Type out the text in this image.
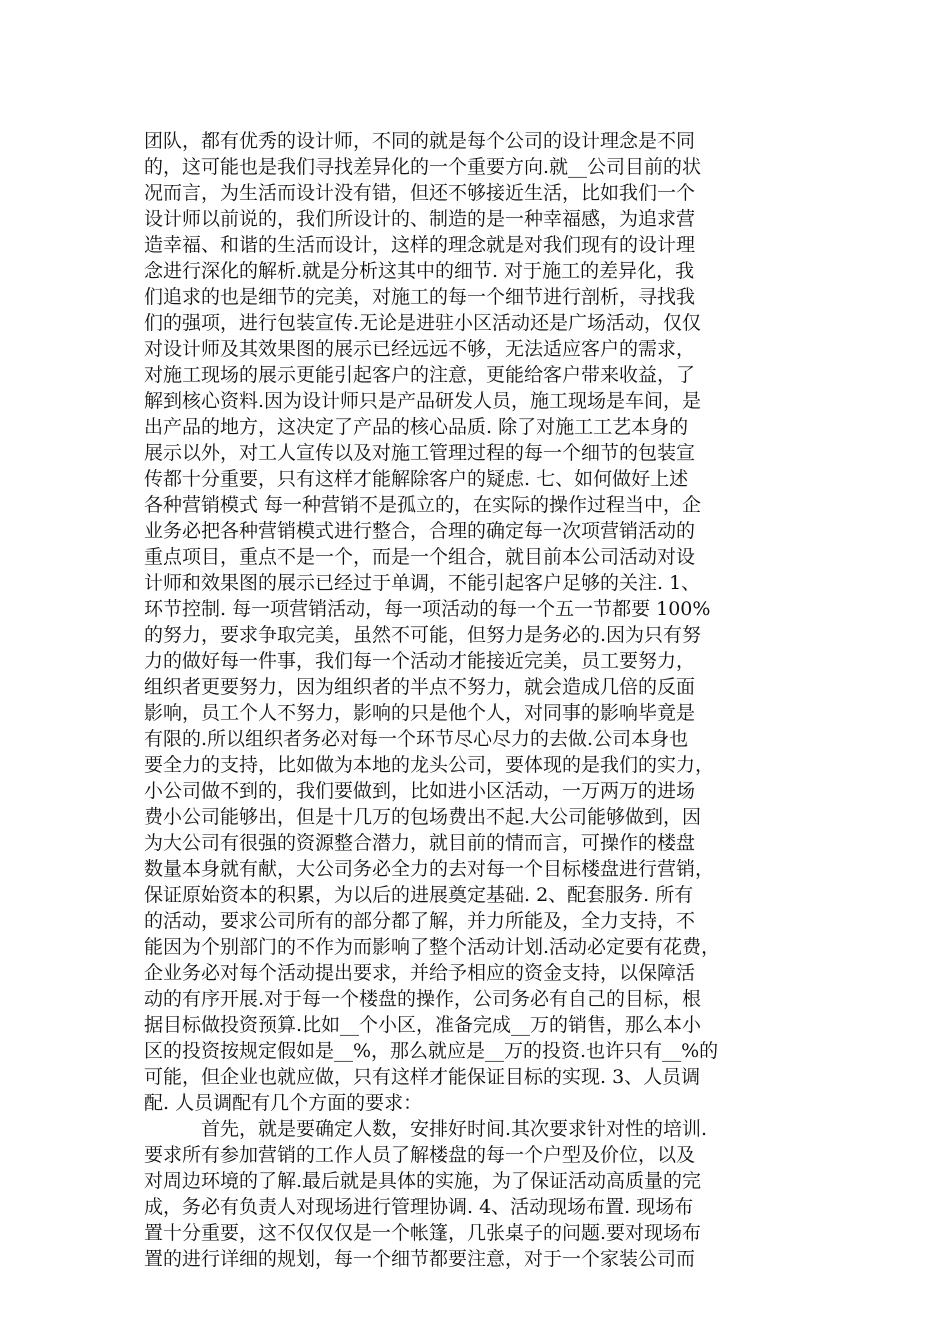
团队，都有优秀的设计师，不同的就是每个公司的设计理念是不同
的，这可能也是我们寻找差异化的一个重要方向.就__公司目前的状
况而言，为生活而设计没有错，但还不够接近生活，比如我们一个
设计师以前说的，我们所设计的、制造的是一种幸福感，为追求营
造幸福、和谐的生活而设计，这样的理念就是对我们现有的设计理
念进行深化的解析.就是分析这其中的细节. 对于施工的差异化，我
们追求的也是细节的完美，对施工的每一个细节进行剖析，寻找我
们的强项，进行包装宣传.无论是进驻小区活动还是广场活动，仅仅
对设计师及其效果图的展示已经远远不够，无法适应客户的需求，
对施工现场的展示更能引起客户的注意，更能给客户带来收益，了
解到核心资料.因为设计师只是产品研发人员，施工现场是车间，是
出产品的地方，这决定了产品的核心品质. 除了对施工工艺本身的
展示以外，对工人宣传以及对施工管理过程的每一个细节的包装宣
传都十分重要，只有这样才能解除客户的疑虑. 七、如何做好上述
各种营销模式 每一种营销不是孤立的，在实际的操作过程当中，企
业务必把各种营销模式进行整合，合理的确定每一次项营销活动的
重点项目，重点不是一个，而是一个组合，就目前本公司活动对设
计师和效果图的展示已经过于单调，不能引起客户足够的关注. 1、
环节控制. 每一项营销活动，每一项活动的每一个五一节都要 100%
的努力，要求争取完美，虽然不可能，但努力是务必的.因为只有努
力的做好每一件事，我们每一个活动才能接近完美，员工要努力，
组织者更要努力，因为组织者的半点不努力，就会造成几倍的反面
影响，员工个人不努力，影响的只是他个人，对同事的影响毕竟是
有限的.所以组织者务必对每一个环节尽心尽力的去做.公司本身也
要全力的支持，比如做为本地的龙头公司，要体现的是我们的实力，
小公司做不到的，我们要做到，比如进小区活动，一万两万的进场
费小公司能够出，但是十几万的包场费出不起.大公司能够做到，因
为大公司有很强的资源整合潜力，就目前的情而言，可操作的楼盘
数量本身就有献，大公司务必全力的去对每一个目标楼盘进行营销，
保证原始资本的积累，为以后的进展奠定基础. 2、配套服务. 所有
的活动，要求公司所有的部分都了解，并力所能及，全力支持，不
能因为个别部门的不作为而影响了整个活动计划.活动必定要有花费，
企业务必对每个活动提出要求，并给予相应的资金支持，以保障活
动的有序开展.对于每一个楼盘的操作，公司务必有自己的目标，根
据目标做投资预算.比如__个小区，准备完成__万的销售，那么本小
区的投资按规定假如是__%，那么就应是__万的投资.也许只有__%的
可能，但企业也就应做，只有这样才能保证目标的实现. 3、人员调
配. 人员调配有几个方面的要求：
首先，就是要确定人数，安排好时间.其次要求针对性的培训.
要求所有参加营销的工作人员了解楼盘的每一个户型及价位，以及
对周边环境的了解.最后就是具体的实施，为了保证活动高质量的完
成，务必有负责人对现场进行管理协调. 4、活动现场布置. 现场布
置十分重要，这不仅仅仅是一个帐篷，几张桌子的问题.要对现场布
置的进行详细的规划，每一个细节都要注意，对于一个家装公司而
